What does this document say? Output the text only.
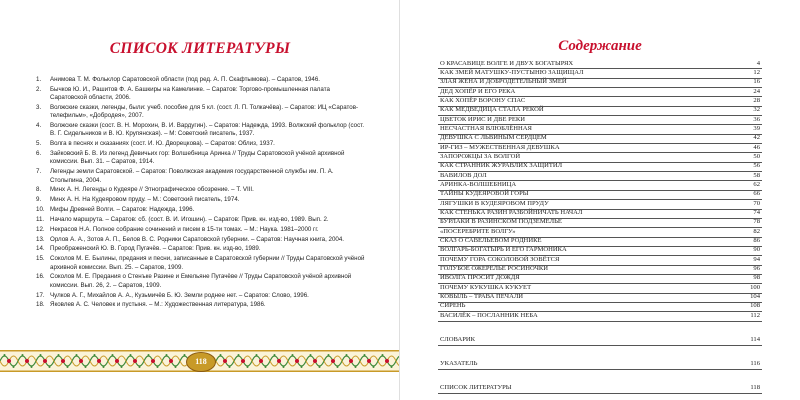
СПИСОК ЛИТЕРАТУРЫ
1. Анимова Т. М. Фольклор Саратовской области (под ред. А. П. Скафтымова). – Саратов, 1946.
2. Бычков Ю. И., Рашитов Ф. А. Башкиры на Камелинке. – Саратов: Торгово-промышленная палата Саратовской области, 2006.
3. Волжские сказки, легенды, были: учеб. пособие для 5 кл. (сост. Л. П. Толкачёва). – Саратов: ИЦ «Саратов-телефильм», «Добродея», 2007.
4. Волжские сказки (сост. В. Н. Морохин, В. И. Вардугин). – Саратов: Надежда, 1993. Волжский фольклор (сост. В. Г. Сидельников и В. Ю. Крупянская). – М: Советский писатель, 1937.
5. Волга в песнях и сказаниях (сост. И. Ю. Дворецкова). – Саратов: Облиз, 1937.
6. Зайковский Б. В. Из легенд Девичьих гор: Волшебница Аринка // Труды Саратовской учёной архивной комиссии. Вып. 31. – Саратов, 1914.
7. Легенды земли Саратовской. – Саратов: Поволжская академия государственной службы им. П. А. Столыпина, 2004.
8. Минх А. Н. Легенды о Кудеяре // Этнографическое обозрение. – Т. VIII.
9. Минх А. Н. На Кудеяровом пруду. – М.: Советский писатель, 1974.
10. Мифы Древней Волги. – Саратов: Надежда, 1996.
11. Начало маршрута. – Саратов: сб. (сост. В. И. Игошин). – Саратов: Прив. кн. изд-во, 1989. Вып. 2.
12. Некрасов Н.А. Полное собрание сочинений и писем в 15-ти томах. – М.: Наука. 1981–2000 гг.
13. Орлов А. А., Зотов А. П., Белов В. С. Родники Саратовской губернии. – Саратов: Научная книга, 2004.
14. Преображенский Ю. В. Город Пугачёв. – Саратов: Прив. кн. изд-во, 1989.
15. Соколов М. Е. Былины, предания и песни, записанные в Саратовской губернии // Труды Саратовской учёной архивной комиссии. Вып. 25. – Саратов, 1909.
16. Соколов М. Е. Предания о Стенъке Разине и Емельяне Пугачёве // Труды Саратовской учёной архивной комиссии. Вып. 26, 2. – Саратов, 1909.
17. Чулков А. Г., Михайлов А. А., Кузьмичёв Б. Ю. Земли роднее нет. – Саратов: Слово, 1996.
18. Яковлев А. С. Человек и пустыня. – М.: Художественная литература, 1986.
118
Содержание
О КРАСАВИЦЕ ВОЛГЕ И ДВУХ БОГАТЫРЯХ	4
КАК ЗМЕЙ МАТУШКУ-ПУСТЫНЮ ЗАЩИЩАЛ	12
ЗЛАЯ ЖЕНА И ДОБРОДЕТЕЛЬНЫЙ ЗМЕЙ	16
ДЕД ХОПЁР И ЕГО РЕКА	24
КАК ХОПЁР ВОРОНУ СПАС	28
КАК МЕДВЕДИЦА СТАЛА РЕКОЙ	32
ЦВЕТОК ИРИС И ДВЕ РЕКИ	36
НЕСЧАСТНАЯ ВЛЮБЛЁННАЯ	39
ДЕВУШКА С ЛЬВИНЫМ СЕРДЦЕМ	42
ИР-ГИЗ – МУЖЕСТВЕННАЯ ДЕВУШКА	46
ЗАПОРОЖЦЫ ЗА ВОЛГОЙ	50
КАК СТРАННИК ЖУРАВЛИХ ЗАЩИТИЛ	56
ВАВИЛОВ ДОЛ	58
АРИНКА-ВОЛШЕБНИЦА	62
ТАЙНЫ КУДЕЯРОВОЙ ГОРЫ	66
ЛЯГУШКИ В КУДЕЯРОВОМ ПРУДУ	70
КАК СТЕНЬКА РАЗИН РАЗБОЙНИЧАТЬ НАЧАЛ	74
БУРЛАКИ В РАЗИНСКОМ ПОДЗЕМЕЛЬЕ	78
«ПОСЕРЕБРИТЕ ВОЛГУ»	82
СКАЗ О САВЕЛЬЕВОМ РОДНИКЕ	86
ВОЛГАРЬ-БОГАТЫРЬ И ЕГО ГАРМОНИКА	90
ПОЧЕМУ ГОРА СОКОЛОВОЙ ЗОВЁТСЯ	94
ГОЛУБОЕ ОЖЕРЕЛЬЕ РОСИНОЧКИ	96
ИВОЛГА ПРОСИТ ДОЖДЯ	98
ПОЧЕМУ КУКУШКА КУКУЕТ	100
КОВЫЛЬ – ТРАВА ПЕЧАЛИ	104
СИРЕНЬ	108
ВАСИЛЁК – ПОСЛАННИК НЕБА	112
СЛОВАРИК	114
УКАЗАТЕЛЬ	116
СПИСОК ЛИТЕРАТУРЫ	118
